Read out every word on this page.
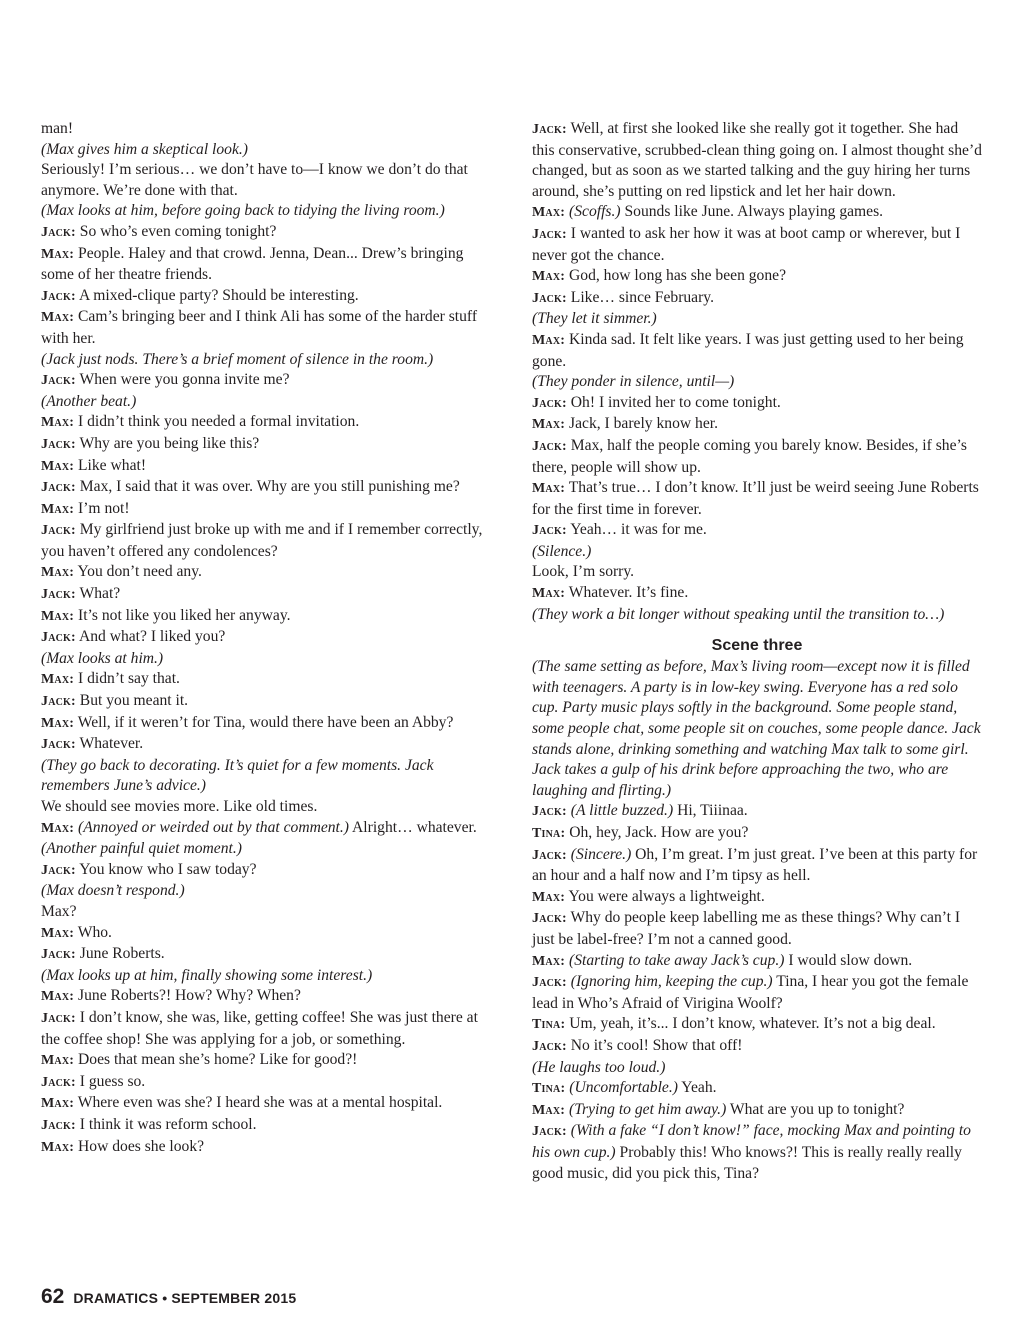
man!

(Max gives him a skeptical look.)

Seriously! I’m serious… we don’t have to—I know we don’t do that anymore. We’re done with that.

(Max looks at him, before going back to tidying the living room.)

Jack: So who’s even coming tonight?

Max: People. Haley and that crowd. Jenna, Dean... Drew’s bringing some of her theatre friends.

Jack: A mixed-clique party? Should be interesting.

Max: Cam’s bringing beer and I think Ali has some of the harder stuff with her.

(Jack just nods. There’s a brief moment of silence in the room.)

Jack: When were you gonna invite me?

(Another beat.)

Max: I didn’t think you needed a formal invitation.

Jack: Why are you being like this?

Max: Like what!

Jack: Max, I said that it was over. Why are you still punishing me?

Max: I’m not!

Jack: My girlfriend just broke up with me and if I remember correctly, you haven’t offered any condolences?

Max: You don’t need any.

Jack: What?

Max: It’s not like you liked her anyway.

Jack: And what? I liked you?

(Max looks at him.)

Max: I didn’t say that.

Jack: But you meant it.

Max: Well, if it weren’t for Tina, would there have been an Abby?

Jack: Whatever.

(They go back to decorating. It’s quiet for a few moments. Jack remembers June’s advice.)

We should see movies more. Like old times.

Max: (Annoyed or weirded out by that comment.) Alright… whatever.

(Another painful quiet moment.)

Jack: You know who I saw today?

(Max doesn’t respond.)

Max?

Max: Who.

Jack: June Roberts.

(Max looks up at him, finally showing some interest.)

Max: June Roberts?! How? Why? When?

Jack: I don’t know, she was, like, getting coffee! She was just there at the coffee shop! She was applying for a job, or something.

Max: Does that mean she’s home? Like for good?!

Jack: I guess so.

Max: Where even was she? I heard she was at a mental hospital.

Jack: I think it was reform school.

Max: How does she look?

Jack: Well, at first she looked like she really got it together. She had this conservative, scrubbed-clean thing going on. I almost thought she’d changed, but as soon as we started talking and the guy hiring her turns around, she’s putting on red lipstick and let her hair down.

Max: (Scoffs.) Sounds like June. Always playing games.

Jack: I wanted to ask her how it was at boot camp or wherever, but I never got the chance.

Max: God, how long has she been gone?

Jack: Like… since February.

(They let it simmer.)

Max: Kinda sad. It felt like years. I was just getting used to her being gone.

(They ponder in silence, until—)

Jack: Oh! I invited her to come tonight.

Max: Jack, I barely know her.

Jack: Max, half the people coming you barely know. Besides, if she’s there, people will show up.

Max: That’s true… I don’t know. It’ll just be weird seeing June Roberts for the first time in forever.

Jack: Yeah… it was for me.

(Silence.)

Look, I’m sorry.

Max: Whatever. It’s fine.

(They work a bit longer without speaking until the transition to…)

Scene three

(The same setting as before, Max’s living room—except now it is filled with teenagers. A party is in low-key swing. Everyone has a red solo cup. Party music plays softly in the background. Some people stand, some people chat, some people sit on couches, some people dance. Jack stands alone, drinking something and watching Max talk to some girl. Jack takes a gulp of his drink before approaching the two, who are laughing and flirting.)

Jack: (A little buzzed.) Hi, Tiiinaa.

Tina: Oh, hey, Jack. How are you?

Jack: (Sincere.) Oh, I’m great. I’m just great. I’ve been at this party for an hour and a half now and I’m tipsy as hell.

Max: You were always a lightweight.

Jack: Why do people keep labelling me as these things? Why can’t I just be label-free? I’m not a canned good.

Max: (Starting to take away Jack’s cup.) I would slow down.

Jack: (Ignoring him, keeping the cup.) Tina, I hear you got the female lead in Who’s Afraid of Virigina Woolf?

Tina: Um, yeah, it’s... I don’t know, whatever. It’s not a big deal.

Jack: No it’s cool! Show that off!

(He laughs too loud.)

Tina: (Uncomfortable.) Yeah.

Max: (Trying to get him away.) What are you up to tonight?

Jack: (With a fake “I don’t know!” face, mocking Max and pointing to his own cup.) Probably this! Who knows?! This is really really really good music, did you pick this, Tina?

62 DRAMATICS • SEPTEMBER 2015
